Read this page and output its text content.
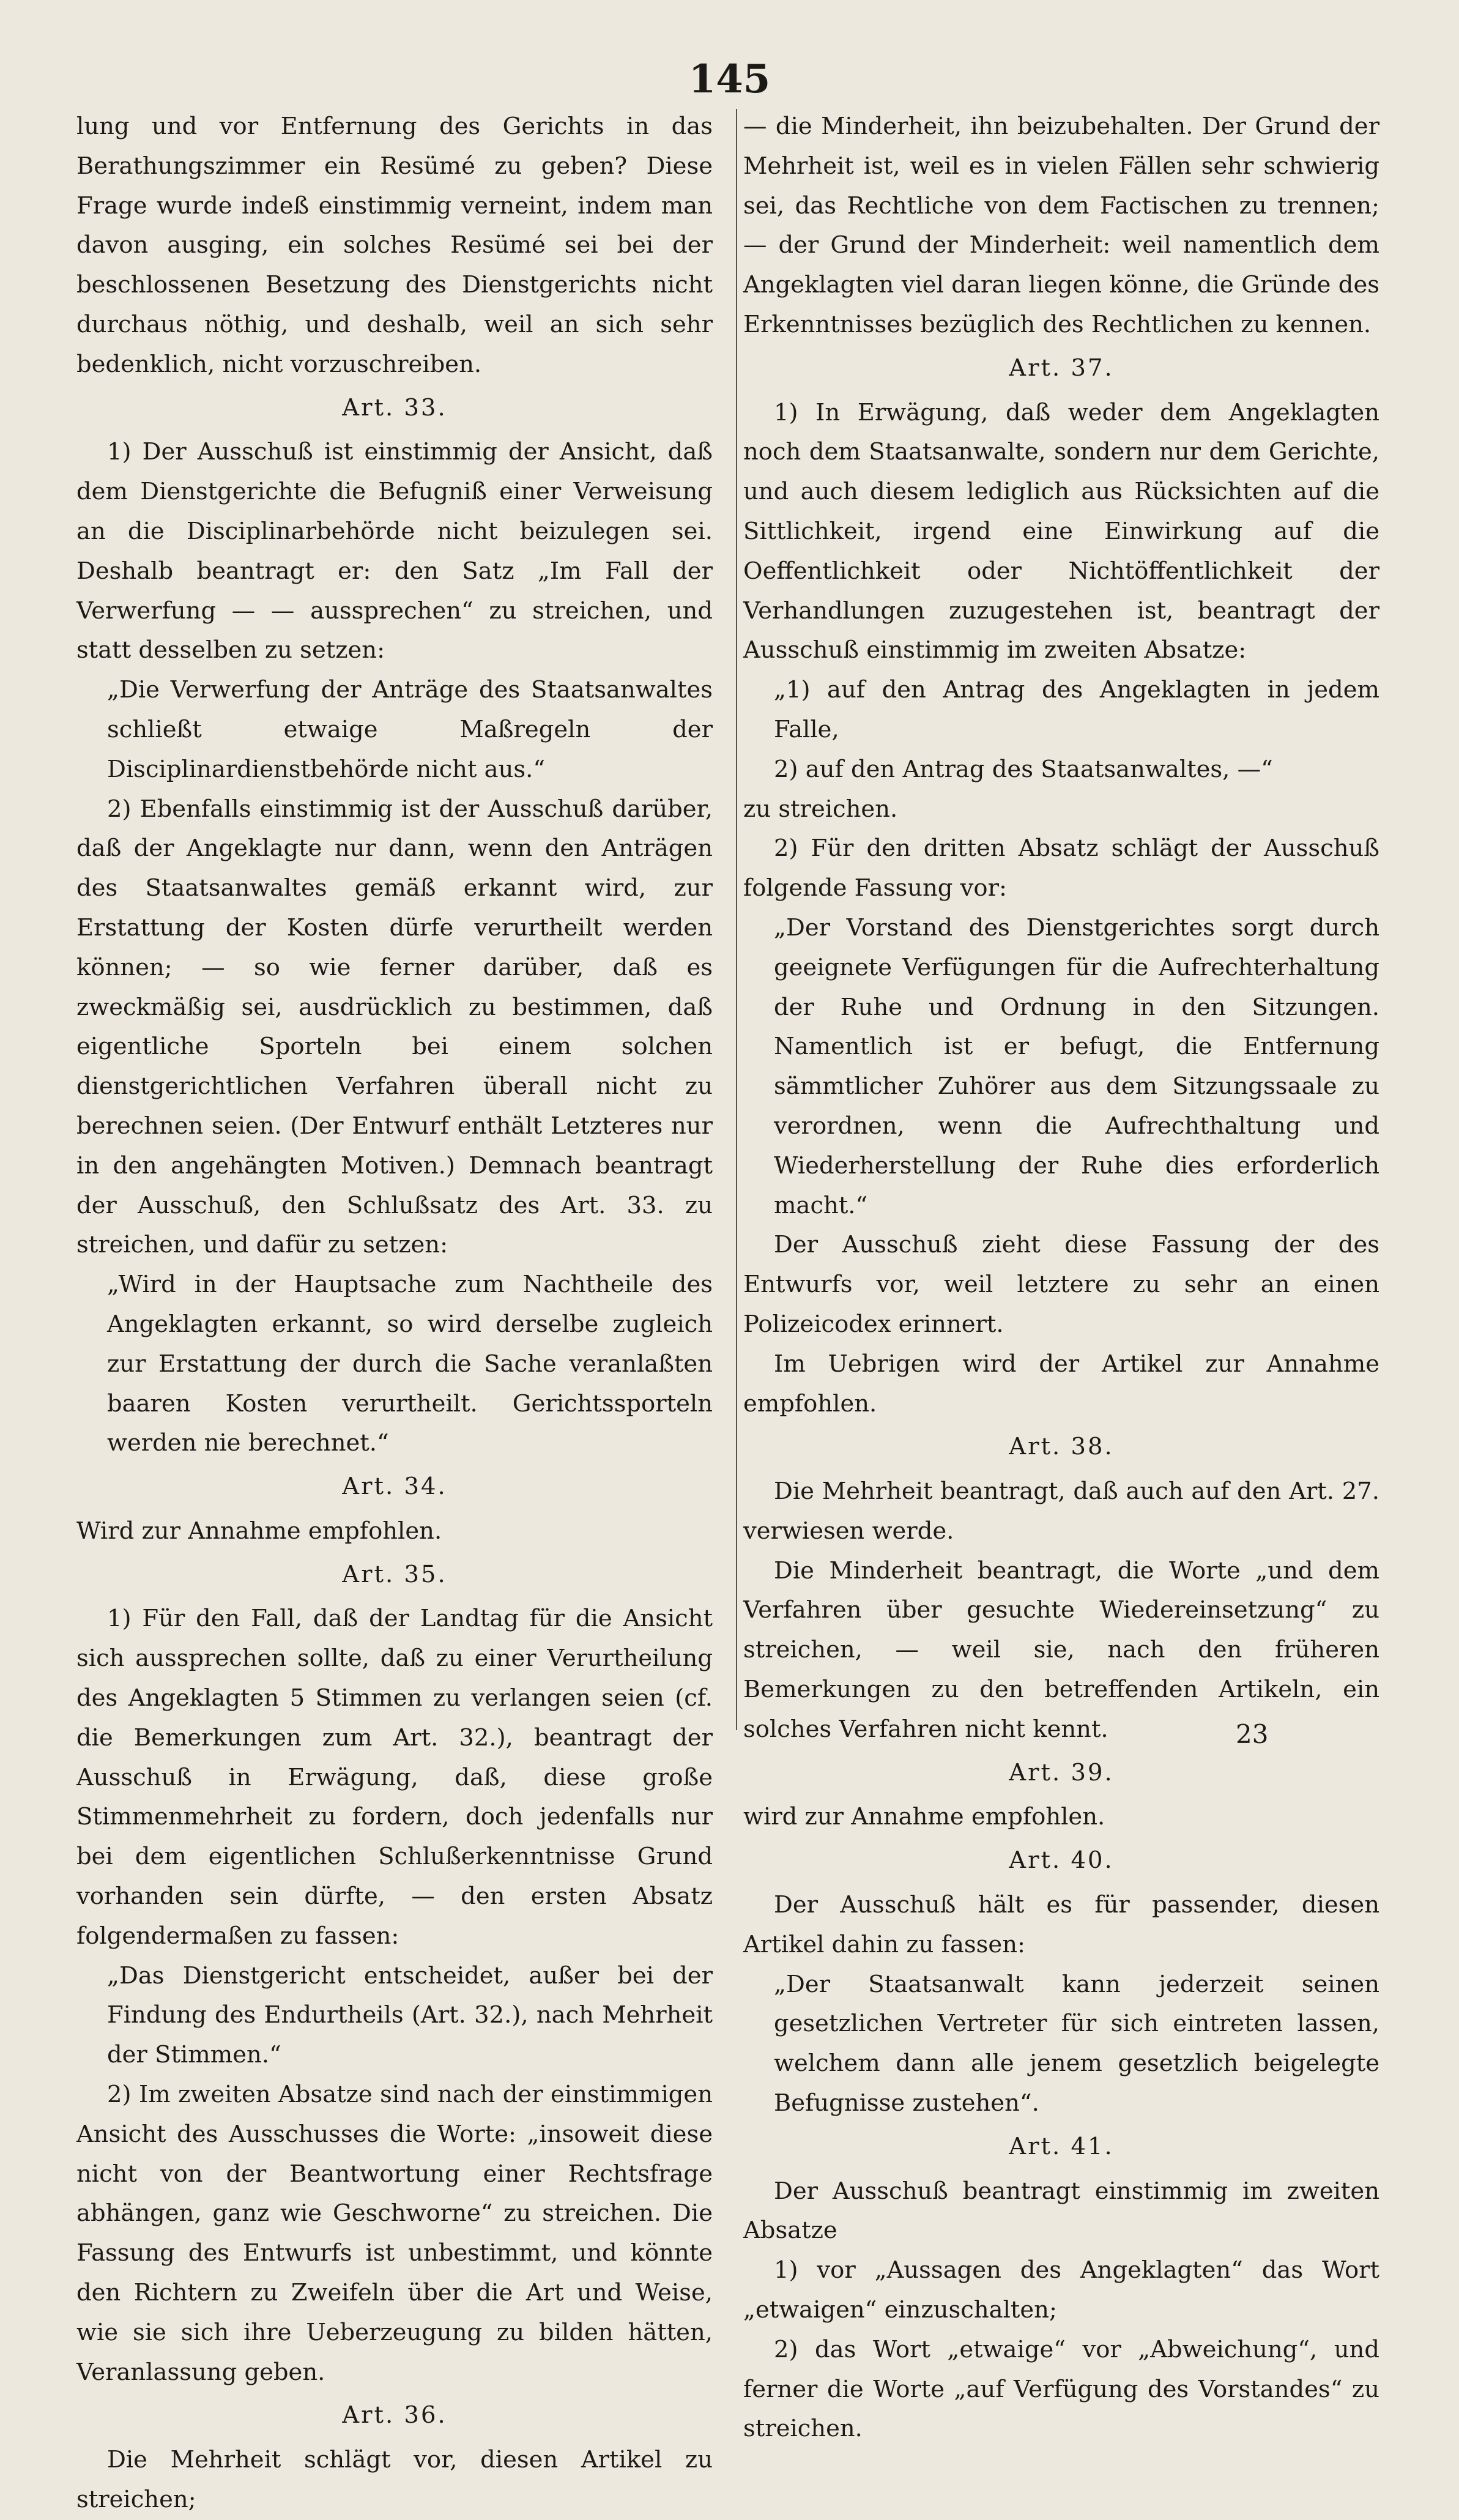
145

lung und vor Entfernung des Gerichts in das Berathungszimmer ein Resümé zu geben? Diese Frage wurde indeß einstimmig verneint, indem man davon ausging, ein solches Resümé sei bei der beschlossenen Besetzung des Dienstgerichts nicht durchaus nöthig, und deshalb, weil an sich sehr bedenklich, nicht vorzuschreiben.

Art. 33.

1) Der Ausschuß ist einstimmig der Ansicht, daß dem Dienstgerichte die Befugniß einer Verweisung an die Disciplinarbehörde nicht beizulegen sei. Deshalb beantragt er: den Satz „Im Fall der Verwerfung — — aussprechen“ zu streichen, und statt desselben zu setzen:

„Die Verwerfung der Anträge des Staatsanwaltes schließt etwaige Maßregeln der Disciplinardienstbehörde nicht aus.“

2) Ebenfalls einstimmig ist der Ausschuß darüber, daß der Angeklagte nur dann, wenn den Anträgen des Staatsanwaltes gemäß erkannt wird, zur Erstattung der Kosten dürfe verurtheilt werden können; — so wie ferner darüber, daß es zweckmäßig sei, ausdrücklich zu bestimmen, daß eigentliche Sporteln bei einem solchen dienstgerichtlichen Verfahren überall nicht zu berechnen seien. (Der Entwurf enthält Letzteres nur in den angehängten Motiven.) Demnach beantragt der Ausschuß, den Schlußsatz des Art. 33. zu streichen, und dafür zu setzen:

„Wird in der Hauptsache zum Nachtheile des Angeklagten erkannt, so wird derselbe zugleich zur Erstattung der durch die Sache veranlaßten baaren Kosten verurtheilt. Gerichtssporteln werden nie berechnet.“

Art. 34.

Wird zur Annahme empfohlen.

Art. 35.

1) Für den Fall, daß der Landtag für die Ansicht sich aussprechen sollte, daß zu einer Verurtheilung des Angeklagten 5 Stimmen zu verlangen seien (cf. die Bemerkungen zum Art. 32.), beantragt der Ausschuß in Erwägung, daß, diese große Stimmenmehrheit zu fordern, doch jedenfalls nur bei dem eigentlichen Schlußerkenntnisse Grund vorhanden sein dürfte, — den ersten Absatz folgendermaßen zu fassen:

„Das Dienstgericht entscheidet, außer bei der Findung des Endurtheils (Art. 32.), nach Mehrheit der Stimmen.“

2) Im zweiten Absatze sind nach der einstimmigen Ansicht des Ausschusses die Worte: „insoweit diese nicht von der Beantwortung einer Rechtsfrage abhängen, ganz wie Geschworne“ zu streichen. Die Fassung des Entwurfs ist unbestimmt, und könnte den Richtern zu Zweifeln über die Art und Weise, wie sie sich ihre Ueberzeugung zu bilden hätten, Veranlassung geben.

Art. 36.

Die Mehrheit schlägt vor, diesen Artikel zu streichen;

— die Minderheit, ihn beizubehalten. Der Grund der Mehrheit ist, weil es in vielen Fällen sehr schwierig sei, das Rechtliche von dem Factischen zu trennen; — der Grund der Minderheit: weil namentlich dem Angeklagten viel daran liegen könne, die Gründe des Erkenntnisses bezüglich des Rechtlichen zu kennen.

Art. 37.

1) In Erwägung, daß weder dem Angeklagten noch dem Staatsanwalte, sondern nur dem Gerichte, und auch diesem lediglich aus Rücksichten auf die Sittlichkeit, irgend eine Einwirkung auf die Oeffentlichkeit oder Nichtöffentlichkeit der Verhandlungen zuzugestehen ist, beantragt der Ausschuß einstimmig im zweiten Absatze:

„1) auf den Antrag des Angeklagten in jedem Falle,

2) auf den Antrag des Staatsanwaltes, —“

zu streichen.

2) Für den dritten Absatz schlägt der Ausschuß folgende Fassung vor:

„Der Vorstand des Dienstgerichtes sorgt durch geeignete Verfügungen für die Aufrechterhaltung der Ruhe und Ordnung in den Sitzungen. Namentlich ist er befugt, die Entfernung sämmtlicher Zuhörer aus dem Sitzungssaale zu verordnen, wenn die Aufrechthaltung und Wiederherstellung der Ruhe dies erforderlich macht.“

Der Ausschuß zieht diese Fassung der des Entwurfs vor, weil letztere zu sehr an einen Polizeicodex erinnert.

Im Uebrigen wird der Artikel zur Annahme empfohlen.

Art. 38.

Die Mehrheit beantragt, daß auch auf den Art. 27. verwiesen werde.

Die Minderheit beantragt, die Worte „und dem Verfahren über gesuchte Wiedereinsetzung“ zu streichen, — weil sie, nach den früheren Bemerkungen zu den betreffenden Artikeln, ein solches Verfahren nicht kennt.

Art. 39.

wird zur Annahme empfohlen.

Art. 40.

Der Ausschuß hält es für passender, diesen Artikel dahin zu fassen:

„Der Staatsanwalt kann jederzeit seinen gesetzlichen Vertreter für sich eintreten lassen, welchem dann alle jenem gesetzlich beigelegte Befugnisse zustehen“.

Art. 41.

Der Ausschuß beantragt einstimmig im zweiten Absatze

1) vor „Aussagen des Angeklagten“ das Wort „etwaigen“ einzuschalten;

2) das Wort „etwaige“ vor „Abweichung“, und ferner die Worte „auf Verfügung des Vorstandes“ zu streichen.

23
